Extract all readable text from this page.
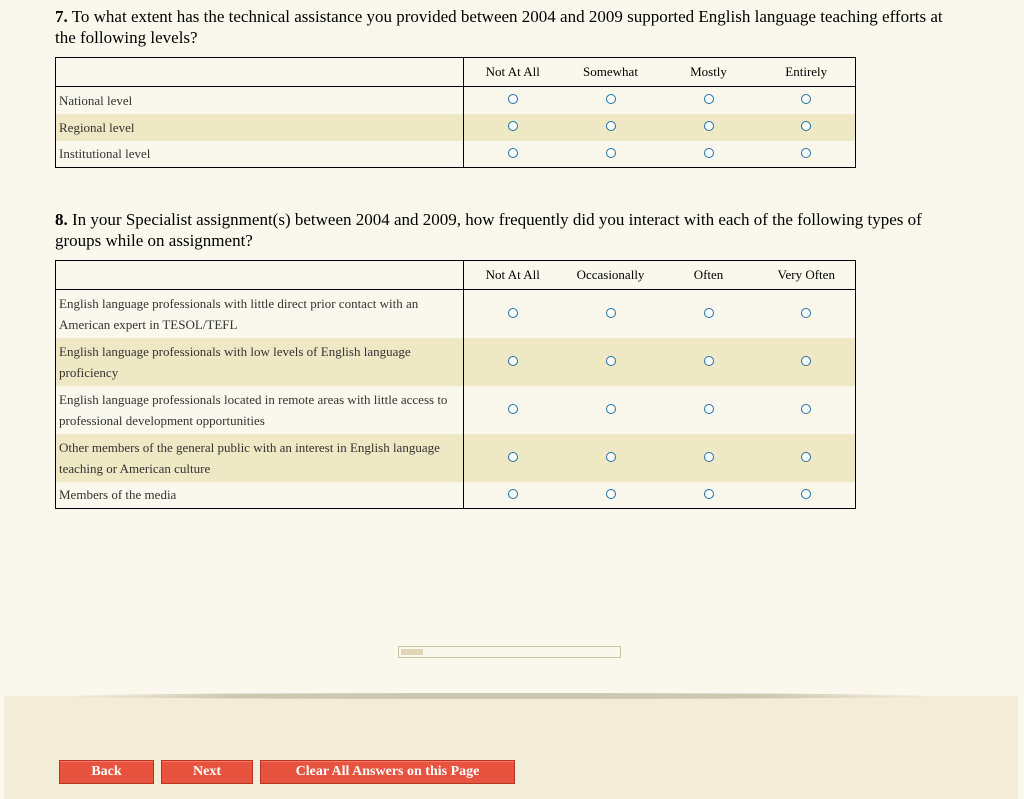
7. To what extent has the technical assistance you provided between 2004 and 2009 supported English language teaching efforts at the following levels?
	Not At All	Somewhat	Mostly	Entirely
National level				
Regional level				
Institutional level				
8. In your Specialist assignment(s) between 2004 and 2009, how frequently did you interact with each of the following types of groups while on assignment?
	Not At All	Occasionally	Often	Very Often
English language professionals with little direct prior contact with an American expert in TESOL/TEFL				
English language professionals with low levels of English language proficiency				
English language professionals located in remote areas with little access to professional development opportunities				
Other members of the general public with an interest in English language teaching or American culture				
Members of the media				
Back	Next	Clear All Answers on this Page
